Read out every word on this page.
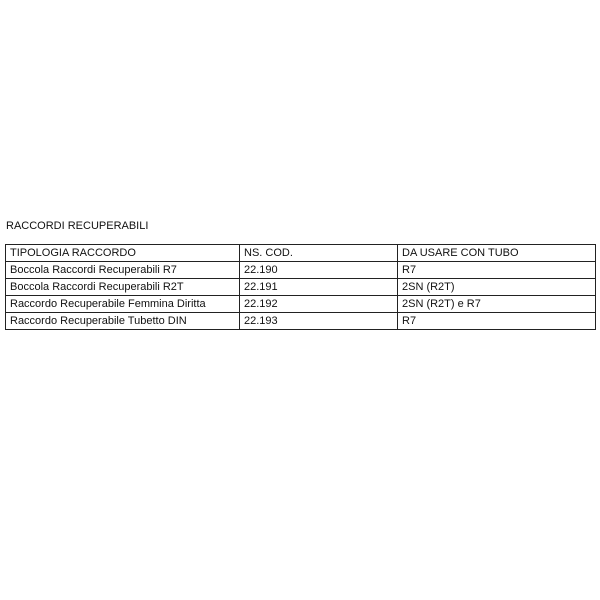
RACCORDI RECUPERABILI
TIPOLOGIA RACCORDO	NS. COD.	DA USARE CON TUBO
Boccola Raccordi Recuperabili R7	22.190	R7
Boccola Raccordi Recuperabili R2T	22.191	2SN (R2T)
Raccordo Recuperabile Femmina Diritta	22.192	2SN (R2T) e R7
Raccordo Recuperabile Tubetto DIN	22.193	R7
